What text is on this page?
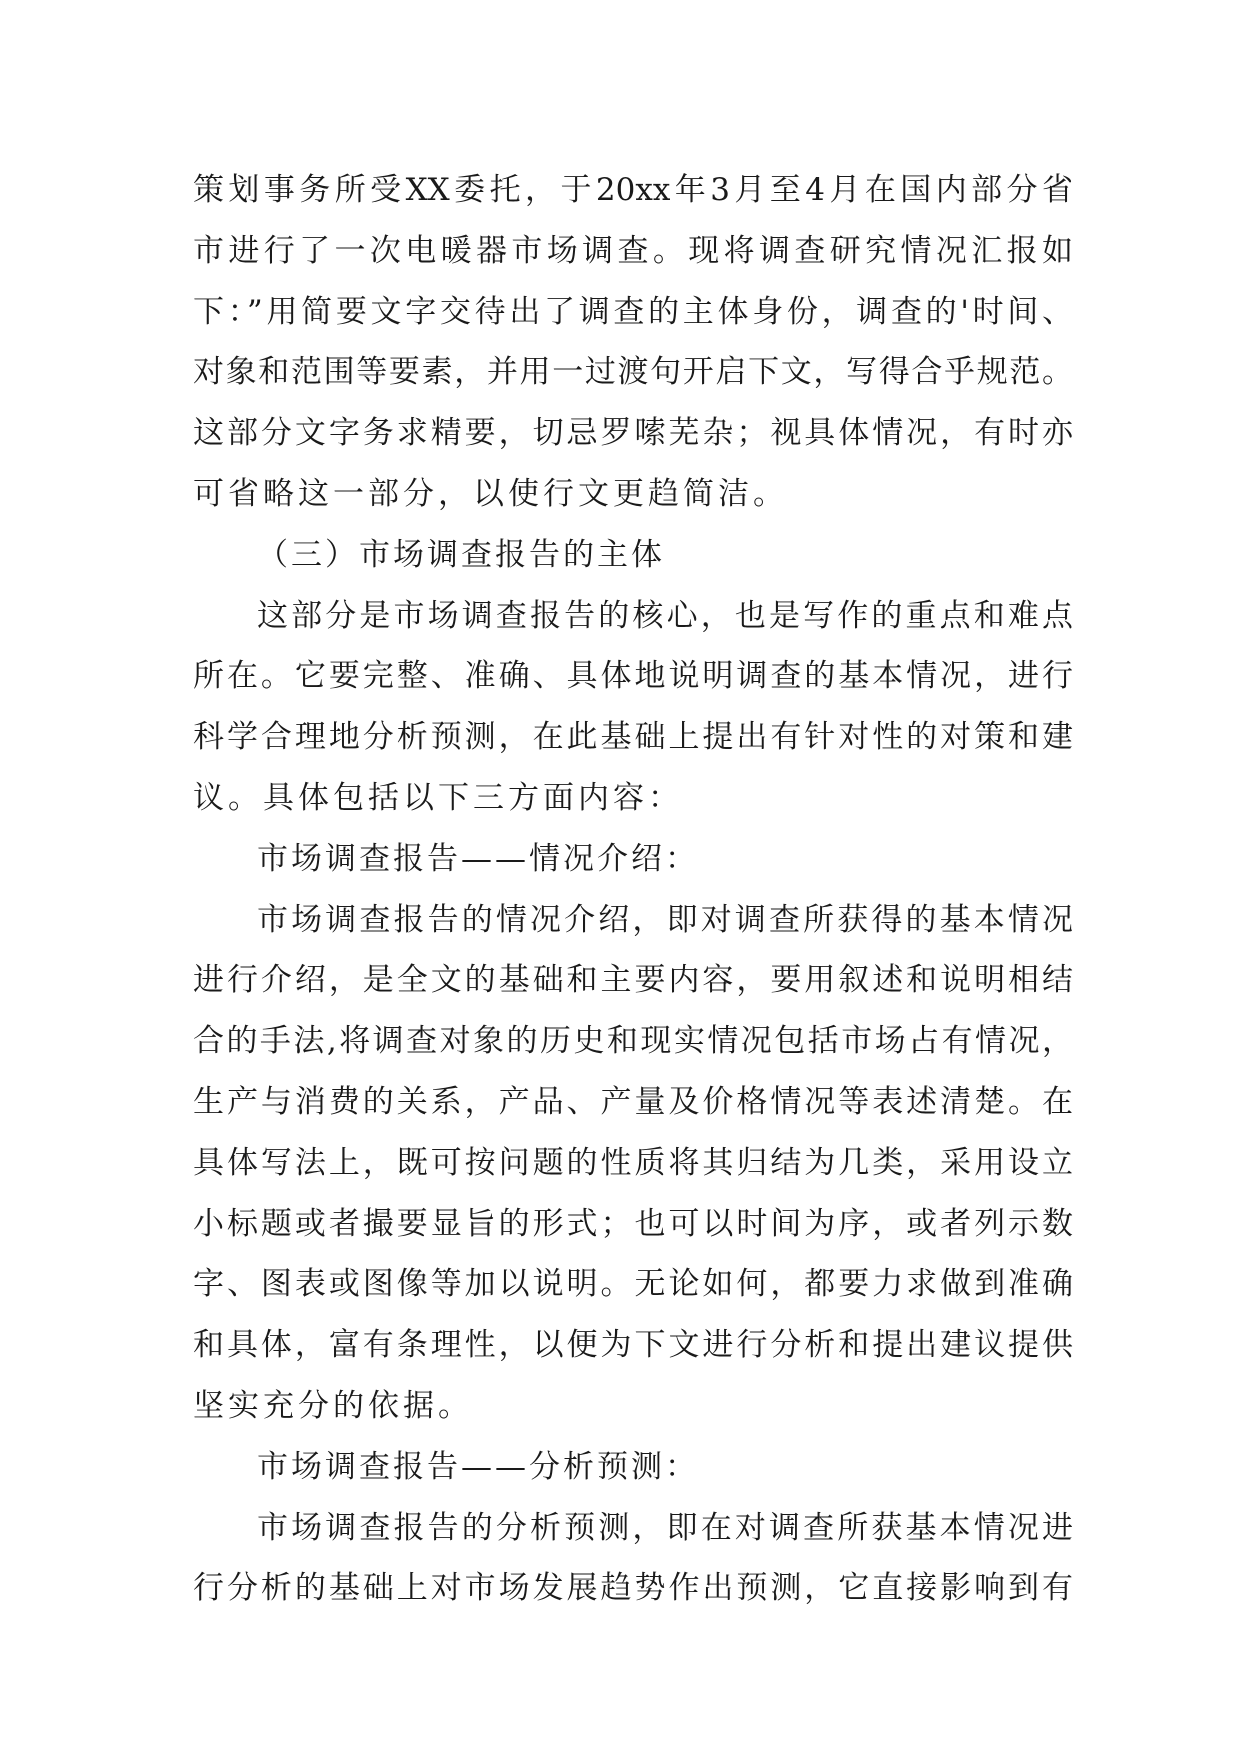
策划事务所受XX委托，于20xx年3月至4月在国内部分省
市进行了一次电暖器市场调查。现将调查研究情况汇报如
下：”用简要文字交待出了调查的主体身份，调查的'时间、
对象和范围等要素，并用一过渡句开启下文，写得合乎规范。
这部分文字务求精要，切忌罗嗦芜杂；视具体情况，有时亦
可省略这一部分，以使行文更趋简洁。
（三）市场调查报告的主体
这部分是市场调查报告的核心，也是写作的重点和难点
所在。它要完整、准确、具体地说明调查的基本情况，进行
科学合理地分析预测，在此基础上提出有针对性的对策和建
议。具体包括以下三方面内容：
市场调查报告——情况介绍：
市场调查报告的情况介绍，即对调查所获得的基本情况
进行介绍，是全文的基础和主要内容，要用叙述和说明相结
合的手法,将调查对象的历史和现实情况包括市场占有情况，
生产与消费的关系，产品、产量及价格情况等表述清楚。在
具体写法上，既可按问题的性质将其归结为几类，采用设立
小标题或者撮要显旨的形式；也可以时间为序，或者列示数
字、图表或图像等加以说明。无论如何，都要力求做到准确
和具体，富有条理性，以便为下文进行分析和提出建议提供
坚实充分的依据。
市场调查报告——分析预测：
市场调查报告的分析预测，即在对调查所获基本情况进
行分析的基础上对市场发展趋势作出预测，它直接影响到有
